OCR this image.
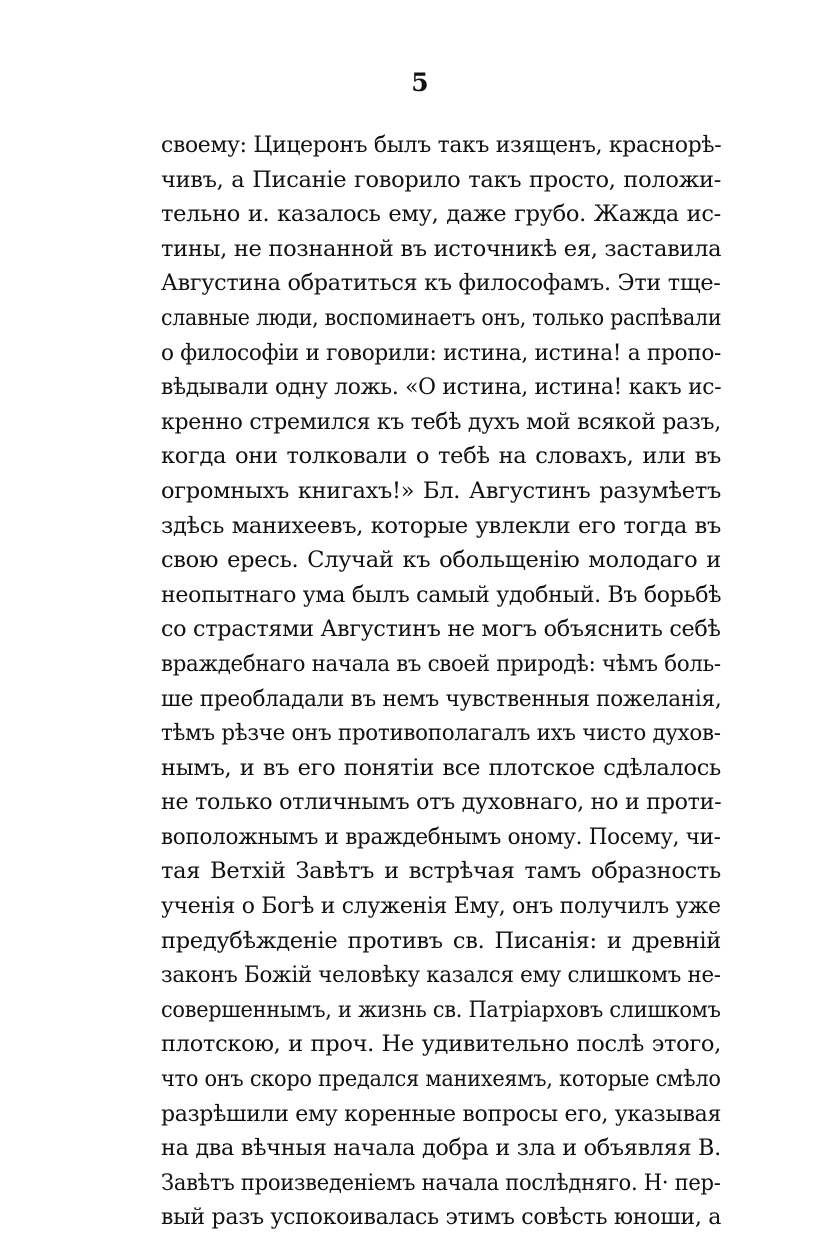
5
своему: Цицеронъ былъ такъ изященъ, краснорѣ-
чивъ, а Писаніе говорило такъ просто, положи-
тельно и. казалось ему, даже грубо. Жажда ис-
тины, не познанной въ источникѣ ея, заставила
Августина обратиться къ философамъ. Эти тще-
славные люди, воспоминаетъ онъ, только распѣвали
о философіи и говорили: истина, истина! а пропо-
вѣдывали одну ложь. «О истина, истина! какъ ис-
кренно стремился къ тебѣ духъ мой всякой разъ,
когда они толковали о тебѣ на словахъ, или въ
огромныхъ книгахъ!» Бл. Августинъ разумѣетъ
здѣсь манихеевъ, которые увлекли его тогда въ
свою ересь. Случай къ обольщенію молодаго и
неопытнаго ума былъ самый удобный. Въ борьбѣ
со страстями Августинъ не могъ объяснить себѣ
враждебнаго начала въ своей природѣ: чѣмъ боль-
ше преобладали въ немъ чувственныя пожеланія,
тѣмъ рѣзче онъ противополагалъ ихъ чисто духов-
нымъ, и въ его понятіи все плотское сдѣлалось
не только отличнымъ отъ духовнаго, но и проти-
воположнымъ и враждебнымъ оному. Посему, чи-
тая Ветхій Завѣтъ и встрѣчая тамъ образность
ученія о Богѣ и служенія Ему, онъ получилъ уже
предубѣжденіе противъ св. Писанія: и древній
законъ Божій человѣку казался ему слишкомъ не-
совершеннымъ, и жизнь св. Патріарховъ слишкомъ
плотскою, и проч. Не удивительно послѣ этого,
что онъ скоро предался манихеямъ, которые смѣло
разрѣшили ему коренные вопросы его, указывая
на два вѣчныя начала добра и зла и объявляя В.
Завѣтъ произведеніемъ начала послѣдняго. Н· пер-
вый разъ успокоивалась этимъ совѣсть юноши, а
